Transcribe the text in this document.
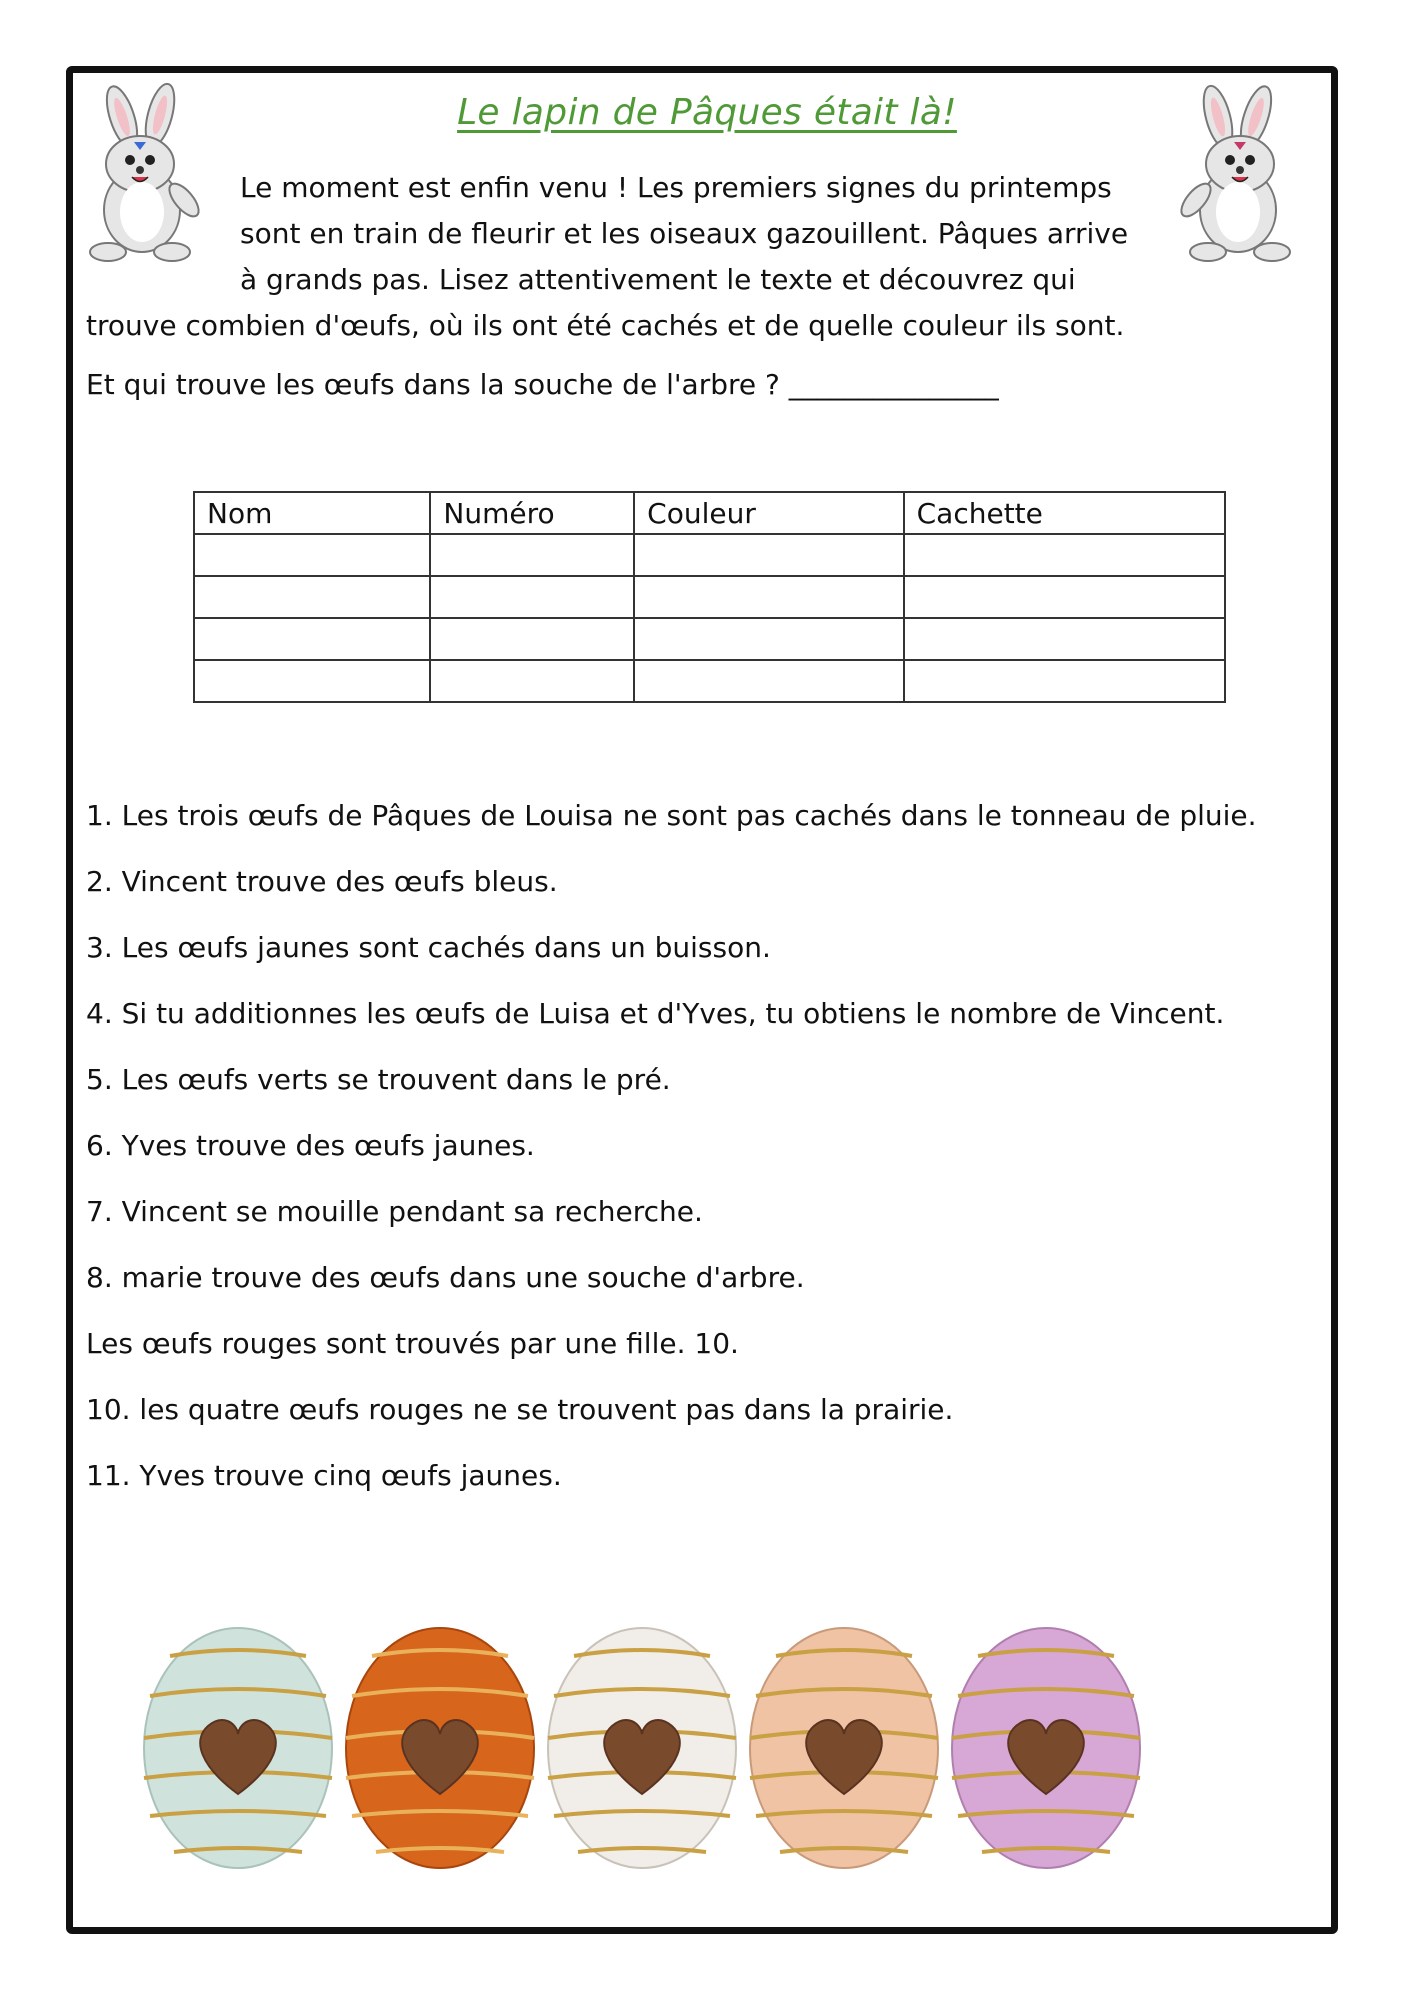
Le lapin de Pâques était là!
Le moment est enfin venu ! Les premiers signes du printemps
sont en train de fleurir et les oiseaux gazouillent. Pâques arrive
à grands pas. Lisez attentivement le texte et découvrez qui
trouve combien d'œufs, où ils ont été cachés et de quelle couleur ils sont.
Et qui trouve les œufs dans la souche de l'arbre ? _______________
Nom	Numéro	Couleur	Cachette

1. Les trois œufs de Pâques de Louisa ne sont pas cachés dans le tonneau de pluie.
2. Vincent trouve des œufs bleus.
3. Les œufs jaunes sont cachés dans un buisson.
4. Si tu additionnes les œufs de Luisa et d'Yves, tu obtiens le nombre de Vincent.
5. Les œufs verts se trouvent dans le pré.
6. Yves trouve des œufs jaunes.
7. Vincent se mouille pendant sa recherche.
8. marie trouve des œufs dans une souche d'arbre.
Les œufs rouges sont trouvés par une fille. 10.
10. les quatre œufs rouges ne se trouvent pas dans la prairie.
11. Yves trouve cinq œufs jaunes.
